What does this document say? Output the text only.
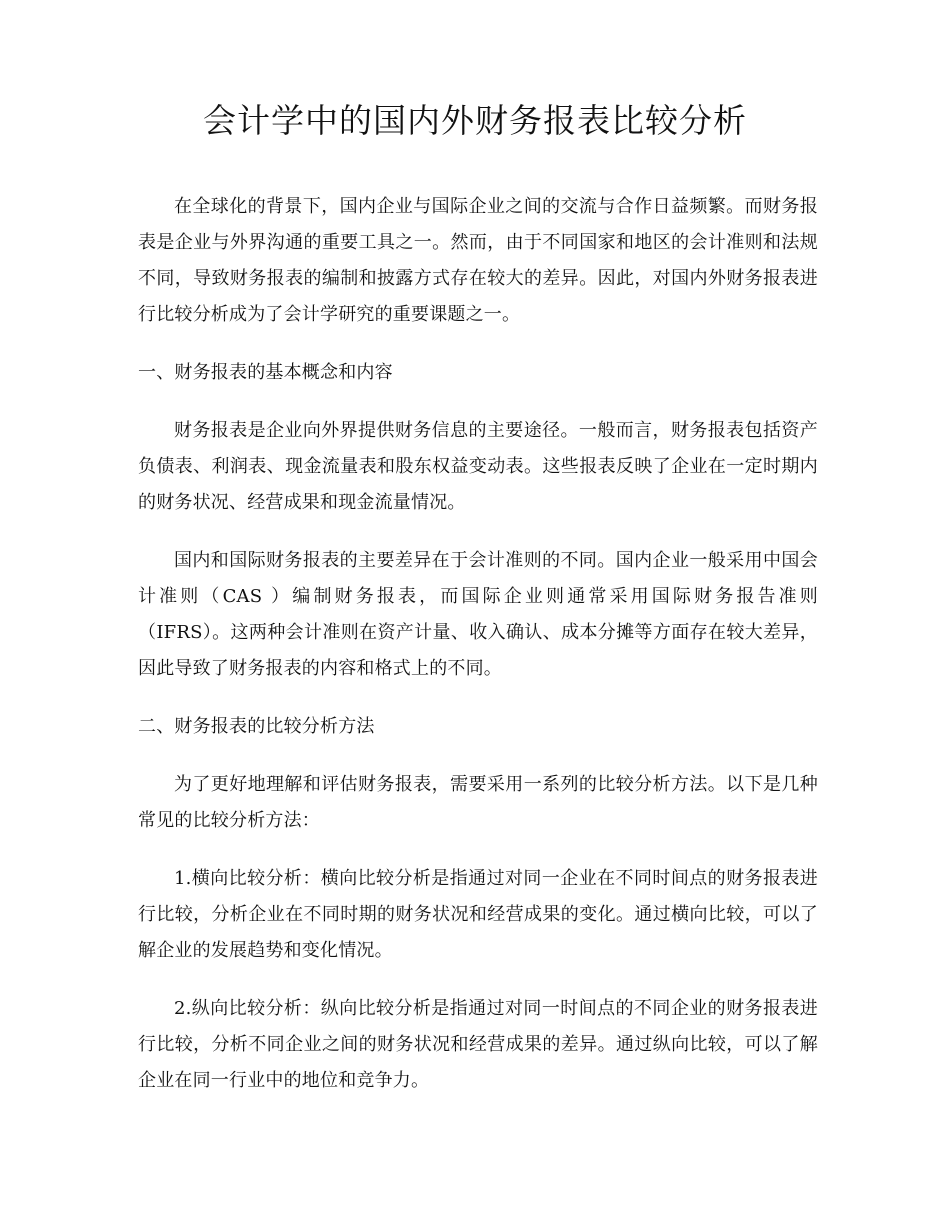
会计学中的国内外财务报表比较分析

在全球化的背景下，国内企业与国际企业之间的交流与合作日益频繁。而财务报表是企业与外界沟通的重要工具之一。然而，由于不同国家和地区的会计准则和法规不同，导致财务报表的编制和披露方式存在较大的差异。因此，对国内外财务报表进行比较分析成为了会计学研究的重要课题之一。

一、财务报表的基本概念和内容

财务报表是企业向外界提供财务信息的主要途径。一般而言，财务报表包括资产负债表、利润表、现金流量表和股东权益变动表。这些报表反映了企业在一定时期内的财务状况、经营成果和现金流量情况。

国内和国际财务报表的主要差异在于会计准则的不同。国内企业一般采用中国会计准则（CAS ）编制财务报表，而国际企业则通常采用国际财务报告准则（IFRS）。这两种会计准则在资产计量、收入确认、成本分摊等方面存在较大差异，因此导致了财务报表的内容和格式上的不同。

二、财务报表的比较分析方法

为了更好地理解和评估财务报表，需要采用一系列的比较分析方法。以下是几种常见的比较分析方法：

1.横向比较分析：横向比较分析是指通过对同一企业在不同时间点的财务报表进行比较，分析企业在不同时期的财务状况和经营成果的变化。通过横向比较，可以了解企业的发展趋势和变化情况。

2.纵向比较分析：纵向比较分析是指通过对同一时间点的不同企业的财务报表进行比较，分析不同企业之间的财务状况和经营成果的差异。通过纵向比较，可以了解企业在同一行业中的地位和竞争力。
